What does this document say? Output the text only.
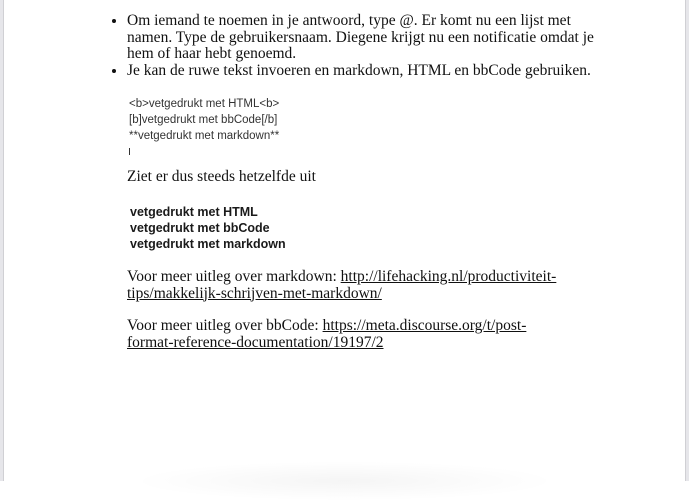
• Om iemand te noemen in je antwoord, type @. Er komt nu een lijst met namen. Type de gebruikersnaam. Diegene krijgt nu een notificatie omdat je hem of haar hebt genoemd.
• Je kan de ruwe tekst invoeren en markdown, HTML en bbCode gebruiken.
<b>vetgedrukt met HTML<b>
[b]vetgedrukt met bbCode[/b]
**vetgedrukt met markdown**
Ziet er dus steeds hetzelfde uit
vetgedrukt met HTML
vetgedrukt met bbCode
vetgedrukt met markdown
Voor meer uitleg over markdown: http://lifehacking.nl/productiviteit-tips/makkelijk-schrijven-met-markdown/
Voor meer uitleg over bbCode: https://meta.discourse.org/t/post-format-reference-documentation/19197/2
